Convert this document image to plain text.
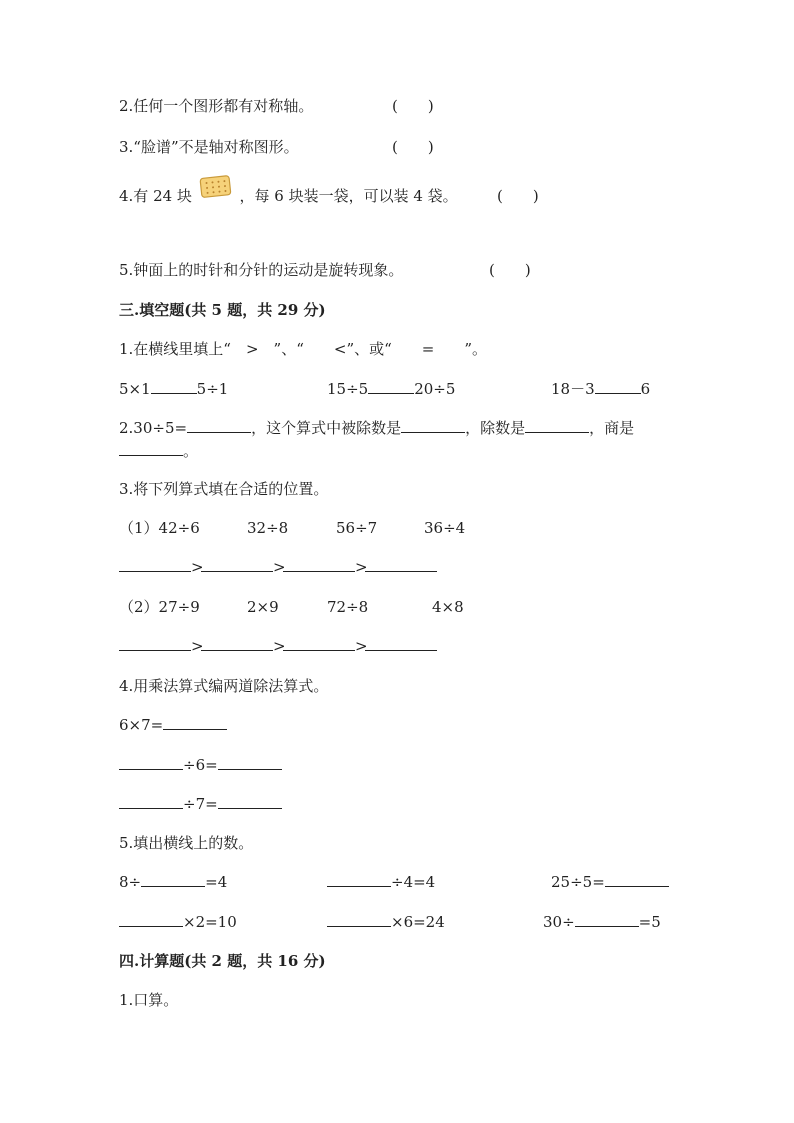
2.任何一个图形都有对称轴。	(　　)
3.“脸谱”不是轴对称图形。	(　　)
4.有 24 块	，每 6 块装一袋，可以装 4 袋。	(　　)
5.钟面上的时针和分针的运动是旋转现象。	(　　)
三.填空题(共 5 题，共 29 分)
1.在横线里填上“　>　”、“　　<”、或“　　=　　”。
5×1	5÷1	15÷5	20÷5	18－3	6
2.30÷5=	，这个算式中被除数是	，除数是	，商是
。
3.将下列算式填在合适的位置。
（1）42÷6	32÷8	56÷7	36÷4
>	>	>
（2）27÷9	2×9	72÷8	4×8
>	>	>
4.用乘法算式编两道除法算式。
6×7=
÷6=
÷7=
5.填出横线上的数。
8÷	=4	÷4=4	25÷5=
×2=10	×6=24	30÷	=5
四.计算题(共 2 题，共 16 分)
1.口算。
